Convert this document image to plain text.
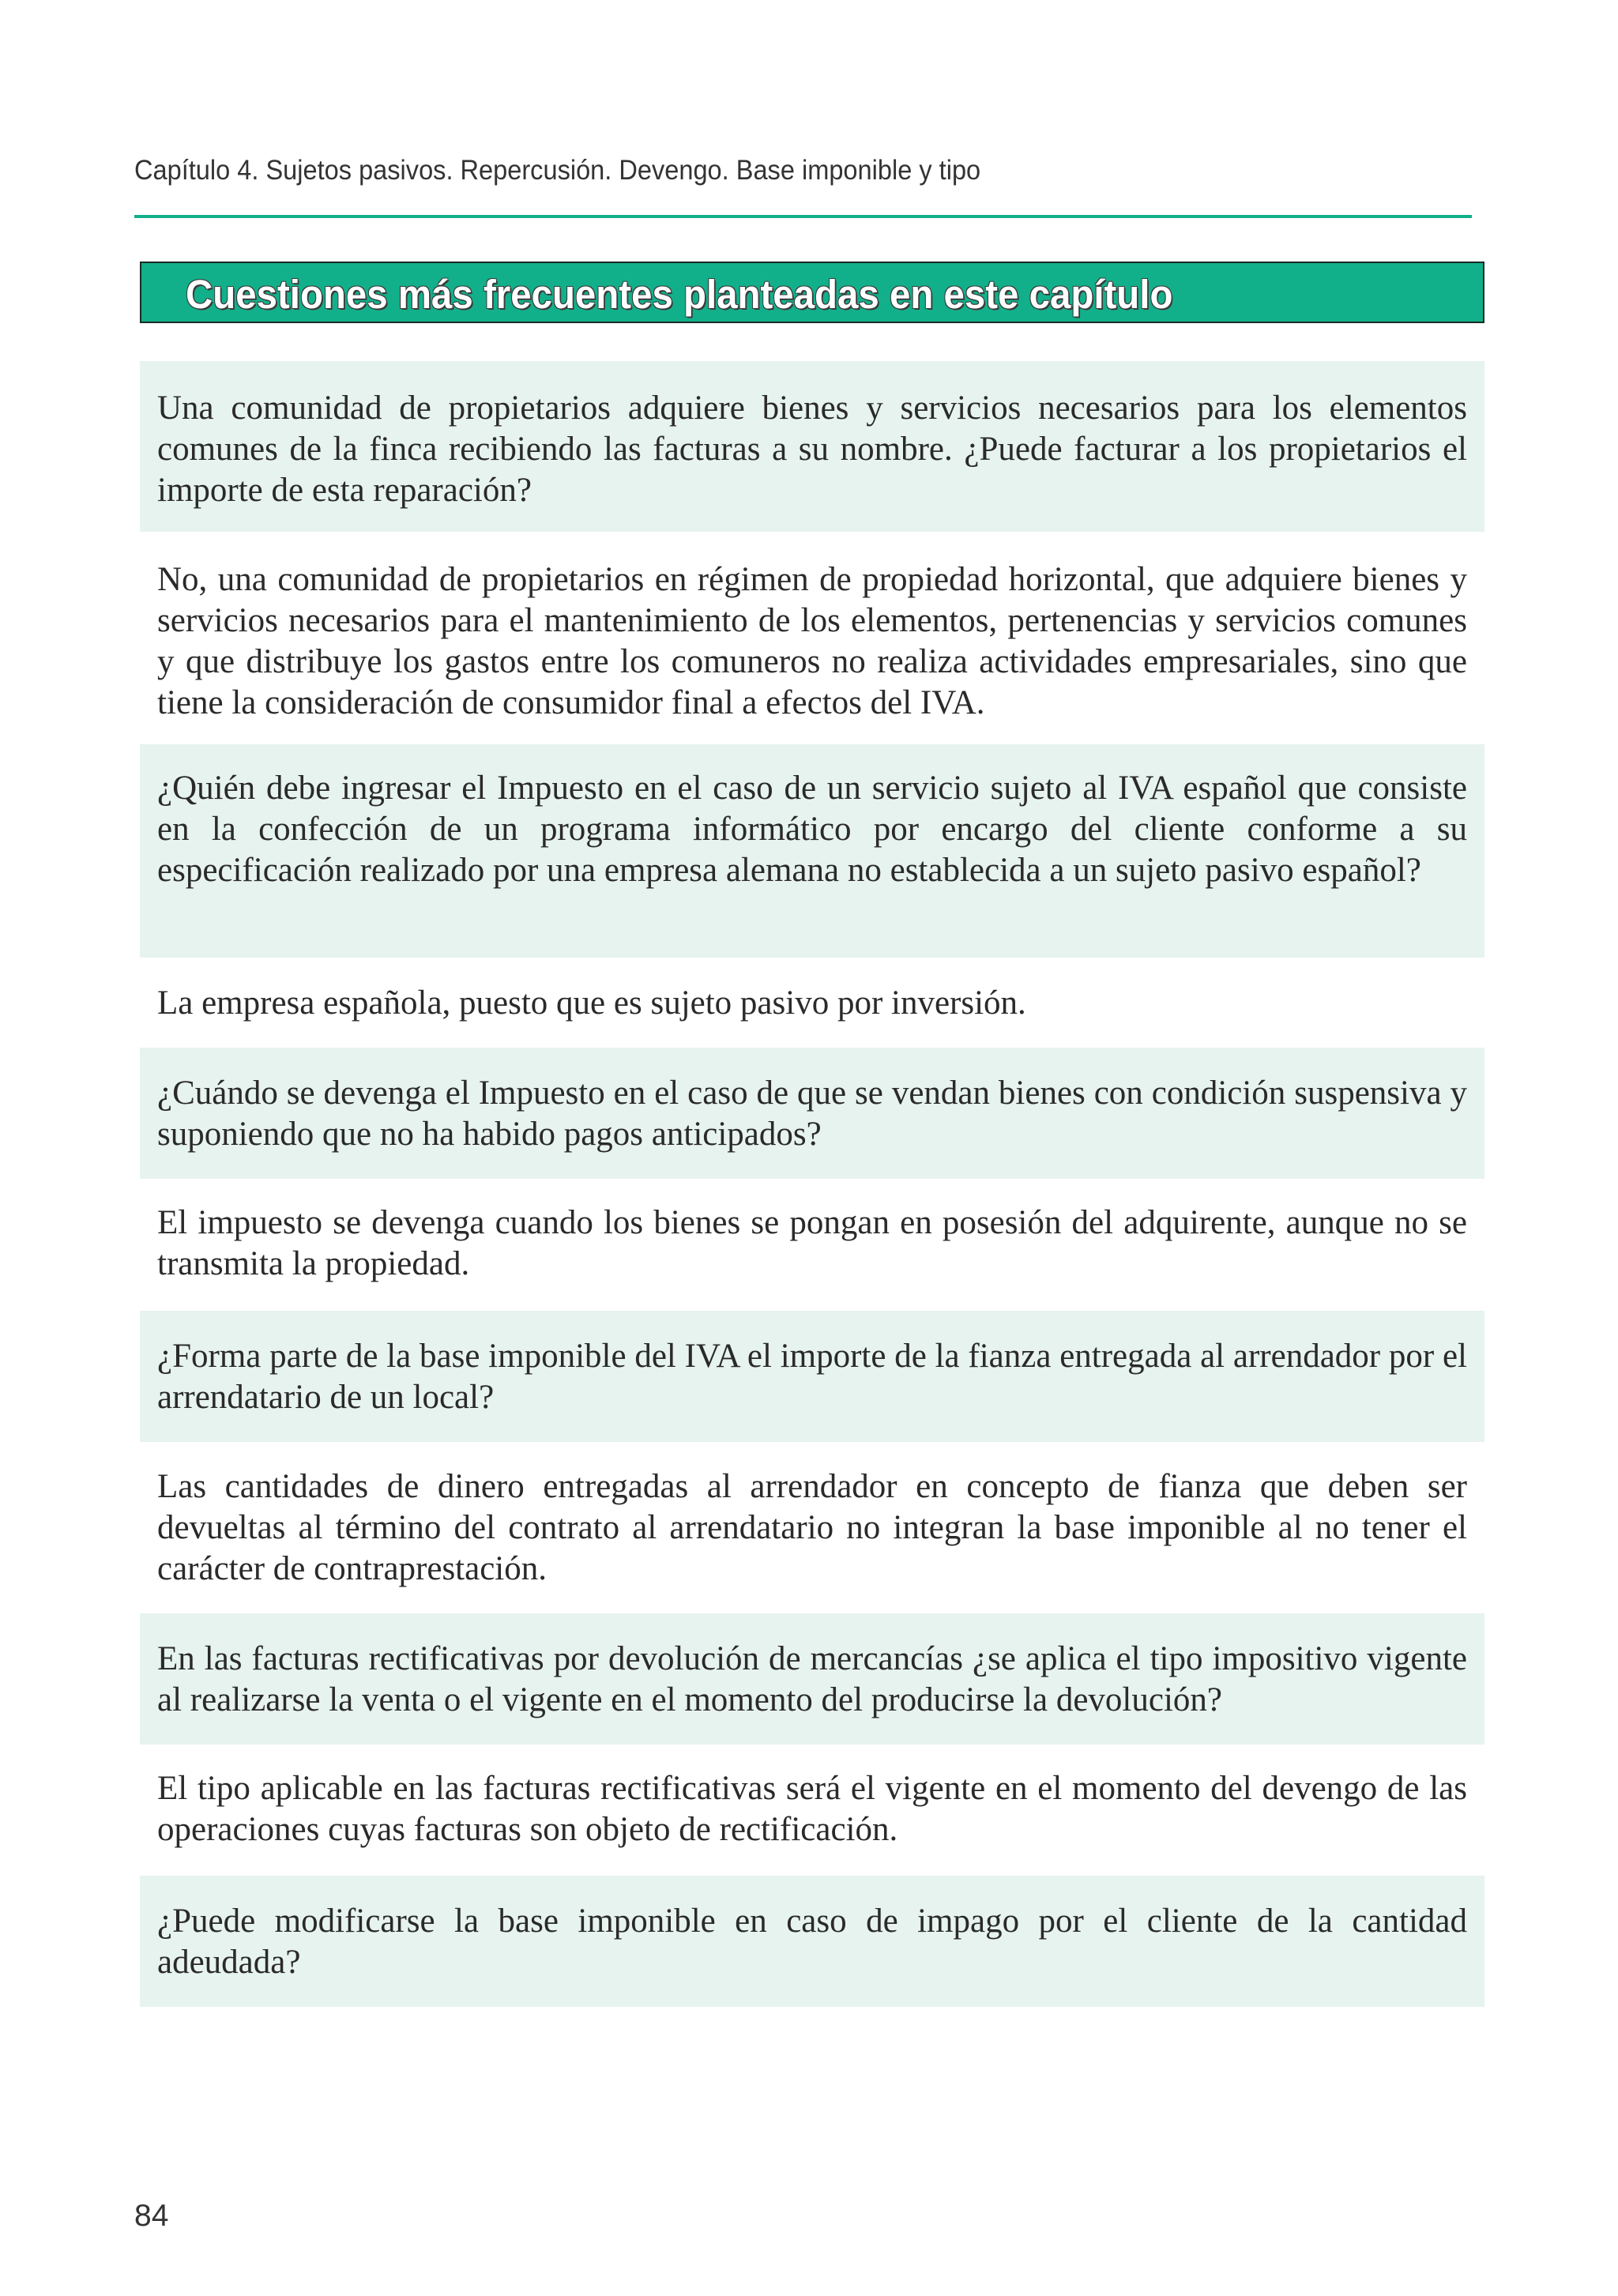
Capítulo 4. Sujetos pasivos. Repercusión. Devengo. Base imponible y tipo
Cuestiones más frecuentes planteadas en este capítulo
Una comunidad de propietarios adquiere bienes y servicios necesarios para los elementos comunes de la finca recibiendo las facturas a su nombre. ¿Puede facturar a los propietarios el importe de esta reparación?
No, una comunidad de propietarios en régimen de propiedad horizontal, que adquiere bienes y servicios necesarios para el mantenimiento de los elementos, pertenencias y servicios comunes y que distribuye los gastos entre los comuneros no realiza actividades empresariales, sino que tiene la consideración de consumidor final a efectos del IVA.
¿Quién debe ingresar el Impuesto en el caso de un servicio sujeto al IVA español que consiste en la confección de un programa informático por encargo del cliente conforme a su especificación realizado por una empresa alemana no establecida a un sujeto pasivo español?
La empresa española, puesto que es sujeto pasivo por inversión.
¿Cuándo se devenga el Impuesto en el caso de que se vendan bienes con condición suspensiva y suponiendo que no ha habido pagos anticipados?
El impuesto se devenga cuando los bienes se pongan en posesión del adquirente, aunque no se transmita la propiedad.
¿Forma parte de la base imponible del IVA el importe de la fianza entregada al arrendador por el arrendatario de un local?
Las cantidades de dinero entregadas al arrendador en concepto de fianza que deben ser devueltas al término del contrato al arrendatario no integran la base imponible al no tener el carácter de contraprestación.
En las facturas rectificativas por devolución de mercancías ¿se aplica el tipo impositivo vigente al realizarse la venta o el vigente en el momento del producirse la devolución?
El tipo aplicable en las facturas rectificativas será el vigente en el momento del devengo de las operaciones cuyas facturas son objeto de rectificación.
¿Puede modificarse la base imponible en caso de impago por el cliente de la cantidad adeudada?
84
